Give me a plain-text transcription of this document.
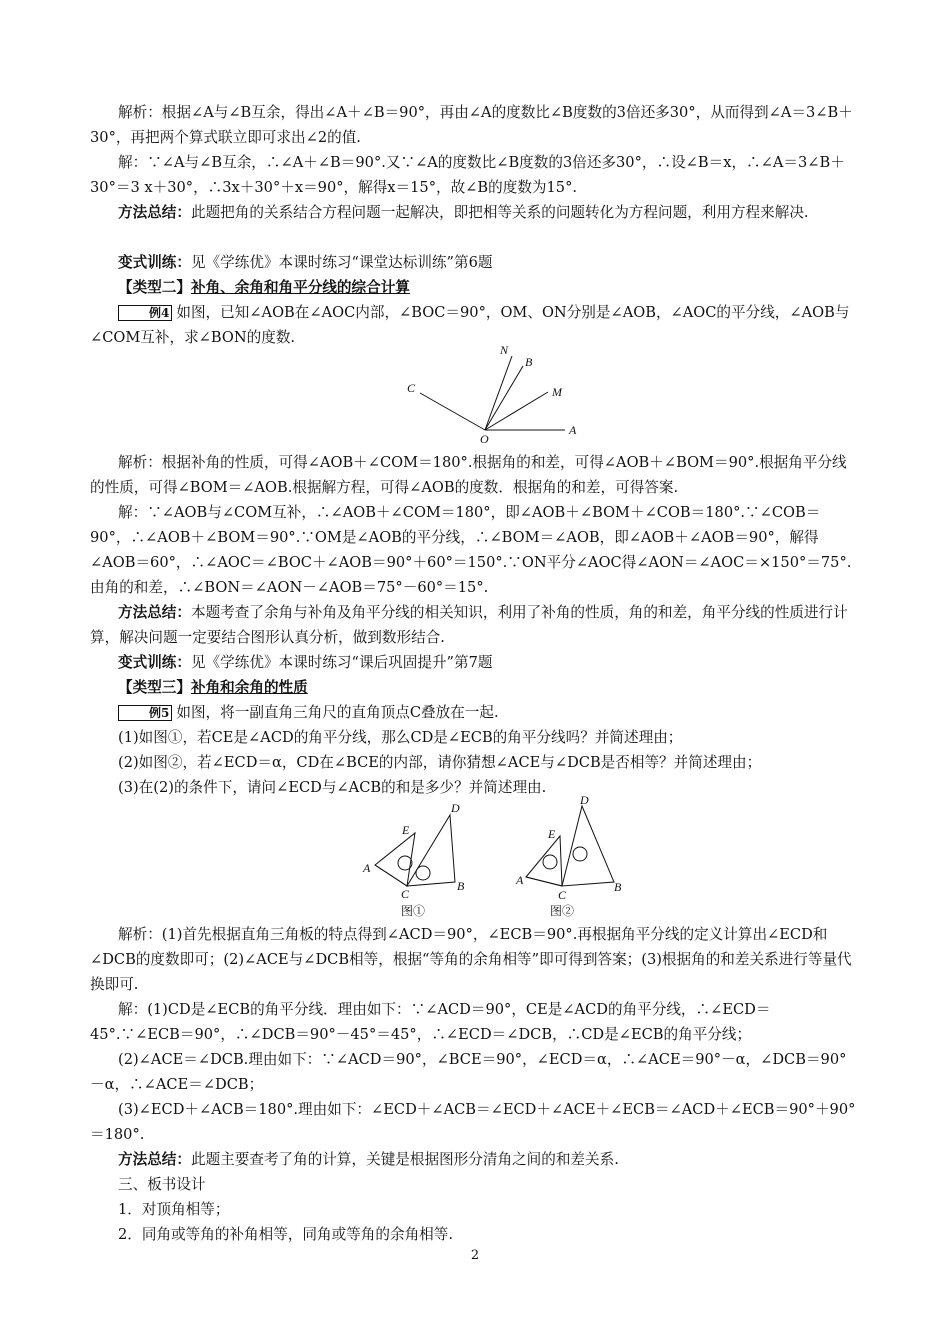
解析：根据∠A与∠B互余，得出∠A＋∠B＝90°，再由∠A的度数比∠B度数的3倍还多30°，从而得到∠A＝3∠B＋30°，再把两个算式联立即可求出∠2的值.

解：∵∠A与∠B互余，∴∠A＋∠B＝90°.又∵∠A的度数比∠B度数的3倍还多30°，∴设∠B＝x，∴∠A＝3∠B＋30°＝3 x＋30°，∴3x＋30°＋x＝90°，解得x＝15°，故∠B的度数为15°.

方法总结：此题把角的关系结合方程问题一起解决，即把相等关系的问题转化为方程问题，利用方程来解决.

变式训练：见《学练优》本课时练习“课堂达标训练”第6题

【类型二】补角、余角和角平分线的综合计算

例4 如图，已知∠AOB在∠AOC内部，∠BOC＝90°，OM、ON分别是∠AOB，∠AOC的平分线，∠AOB与∠COM互补，求∠BON的度数.

N
B
C	M
A
O

解析：根据补角的性质，可得∠AOB＋∠COM＝180°.根据角的和差，可得∠AOB＋∠BOM＝90°.根据角平分线的性质，可得∠BOM＝∠AOB.根据解方程，可得∠AOB的度数．根据角的和差，可得答案.

解：∵∠AOB与∠COM互补，∴∠AOB＋∠COM＝180°，即∠AOB＋∠BOM＋∠COB＝180°.∵∠COB＝90°，∴∠AOB＋∠BOM＝90°.∵OM是∠AOB的平分线，∴∠BOM＝∠AOB，即∠AOB＋∠AOB＝90°，解得∠AOB＝60°，∴∠AOC＝∠BOC＋∠AOB＝90°＋60°＝150°.∵ON平分∠AOC得∠AON＝∠AOC＝×150°＝75°.由角的和差，∴∠BON＝∠AON－∠AOB＝75°－60°＝15°.

方法总结：本题考查了余角与补角及角平分线的相关知识，利用了补角的性质，角的和差，角平分线的性质进行计算，解决问题一定要结合图形认真分析，做到数形结合.

变式训练：见《学练优》本课时练习“课后巩固提升”第7题

【类型三】补角和余角的性质

例5 如图，将一副直角三角尺的直角顶点C叠放在一起.

(1)如图①，若CE是∠ACD的角平分线，那么CD是∠ECB的角平分线吗？并简述理由；

(2)如图②，若∠ECD＝α，CD在∠BCE的内部，请你猜想∠ACE与∠DCB是否相等？并简述理由；

(3)在(2)的条件下，请问∠ECD与∠ACB的和是多少？并简述理由.

E
D
A
C
B
图①
E
D
A
C
B
图②

解析：(1)首先根据直角三角板的特点得到∠ACD＝90°，∠ECB＝90°.再根据角平分线的定义计算出∠ECD和∠DCB的度数即可；(2)∠ACE与∠DCB相等，根据“等角的余角相等”即可得到答案；(3)根据角的和差关系进行等量代换即可.

解：(1)CD是∠ECB的角平分线．理由如下：∵∠ACD＝90°，CE是∠ACD的角平分线，∴∠ECD＝45°.∵∠ECB＝90°，∴∠DCB＝90°－45°＝45°，∴∠ECD＝∠DCB，∴CD是∠ECB的角平分线；

(2)∠ACE＝∠DCB.理由如下：∵∠ACD＝90°，∠BCE＝90°，∠ECD＝α，∴∠ACE＝90°－α，∠DCB＝90°－α，∴∠ACE＝∠DCB；

(3)∠ECD＋∠ACB＝180°.理由如下：∠ECD＋∠ACB＝∠ECD＋∠ACE＋∠ECB＝∠ACD＋∠ECB＝90°＋90°＝180°.

方法总结：此题主要查考了角的计算，关键是根据图形分清角之间的和差关系.

三、板书设计

1．对顶角相等；

2．同角或等角的补角相等，同角或等角的余角相等.

2
